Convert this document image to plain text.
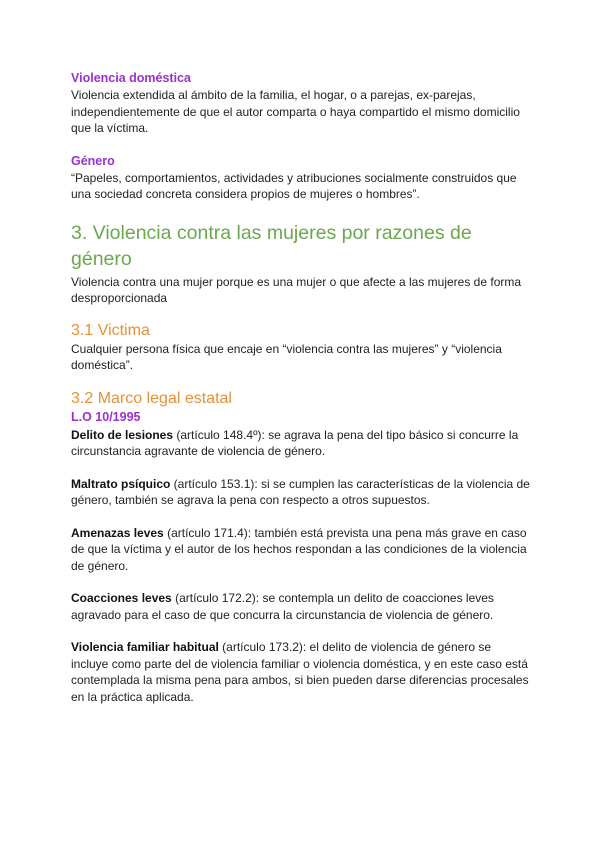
Violencia doméstica

Violencia extendida al ámbito de la familia, el hogar, o a parejas, ex-parejas, independientemente de que el autor comparta o haya compartido el mismo domicilio que la víctima.

Género

“Papeles, comportamientos, actividades y atribuciones socialmente construidos que una sociedad concreta considera propios de mujeres o hombres”.

3. Violencia contra las mujeres por razones de género

Violencia contra una mujer porque es una mujer o que afecte a las mujeres de forma desproporcionada

3.1 Victima

Cualquier persona física que encaje en “violencia contra las mujeres” y “violencia doméstica”.

3.2 Marco legal estatal

L.O 10/1995

Delito de lesiones (artículo 148.4º): se agrava la pena del tipo básico si concurre la circunstancia agravante de violencia de género.

Maltrato psíquico (artículo 153.1): si se cumplen las características de la violencia de género, también se agrava la pena con respecto a otros supuestos.

Amenazas leves (artículo 171.4): también está prevista una pena más grave en caso de que la víctima y el autor de los hechos respondan a las condiciones de la violencia de género.

Coacciones leves (artículo 172.2): se contempla un delito de coacciones leves agravado para el caso de que concurra la circunstancia de violencia de género.

Violencia familiar habitual (artículo 173.2): el delito de violencia de género se incluye como parte del de violencia familiar o violencia doméstica, y en este caso está contemplada la misma pena para ambos, si bien pueden darse diferencias procesales en la práctica aplicada.
